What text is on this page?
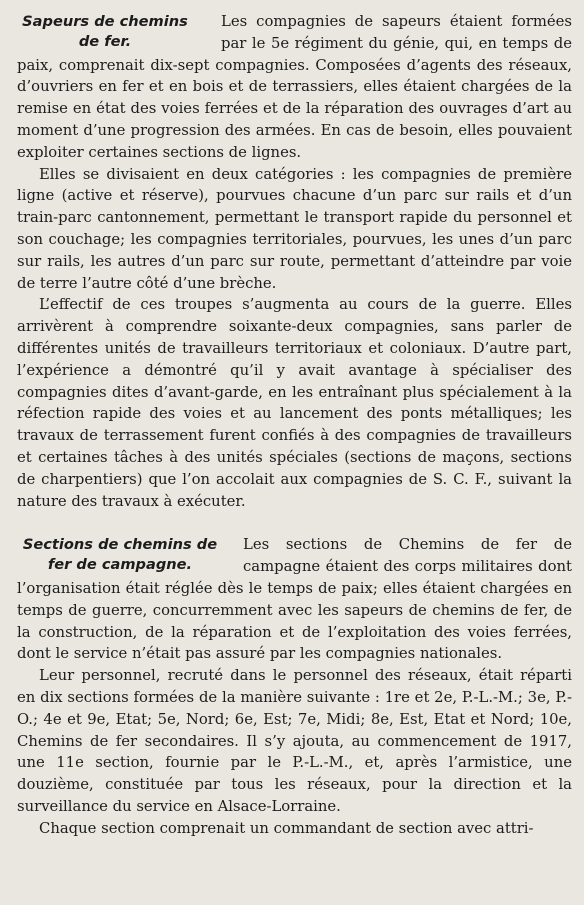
Sapeurs de chemins de fer.

Les compagnies de sapeurs étaient formées par le 5e régiment du génie, qui, en temps de paix, comprenait dix-sept compagnies. Composées d’agents des réseaux, d’ouvriers en fer et en bois et de terrassiers, elles étaient chargées de la remise en état des voies ferrées et de la réparation des ouvrages d’art au moment d’une progression des armées. En cas de besoin, elles pouvaient exploiter certaines sections de lignes.

Elles se divisaient en deux catégories : les compagnies de première ligne (active et réserve), pourvues chacune d’un parc sur rails et d’un train-parc cantonnement, permettant le transport rapide du personnel et son couchage; les compagnies territoriales, pourvues, les unes d’un parc sur rails, les autres d’un parc sur route, permettant d’atteindre par voie de terre l’autre côté d’une brèche.

L’effectif de ces troupes s’augmenta au cours de la guerre. Elles arrivèrent à comprendre soixante-deux compagnies, sans parler de différentes unités de travailleurs territoriaux et coloniaux. D’autre part, l’expérience a démontré qu’il y avait avantage à spécialiser des compagnies dites d’avant-garde, en les entraînant plus spécialement à la réfection rapide des voies et au lancement des ponts métalliques; les travaux de terrassement furent confiés à des compagnies de travailleurs et certaines tâches à des unités spéciales (sections de maçons, sections de charpentiers) que l’on accolait aux compagnies de S. C. F., suivant la nature des travaux à exécuter.

Sections de chemins de fer de campagne.

Les sections de Chemins de fer de campagne étaient des corps militaires dont l’organisation était réglée dès le temps de paix; elles étaient chargées en temps de guerre, concurremment avec les sapeurs de chemins de fer, de la construction, de la réparation et de l’exploitation des voies ferrées, dont le service n’était pas assuré par les compagnies nationales.

Leur personnel, recruté dans le personnel des réseaux, était réparti en dix sections formées de la manière suivante : 1re et 2e, P.-L.-M.; 3e, P.-O.; 4e et 9e, Etat; 5e, Nord; 6e, Est; 7e, Midi; 8e, Est, Etat et Nord; 10e, Chemins de fer secondaires. Il s’y ajouta, au commencement de 1917, une 11e section, fournie par le P.-L.-M., et, après l’armistice, une douzième, constituée par tous les réseaux, pour la direction et la surveillance du service en Alsace-Lorraine.

Chaque section comprenait un commandant de section avec attri-
